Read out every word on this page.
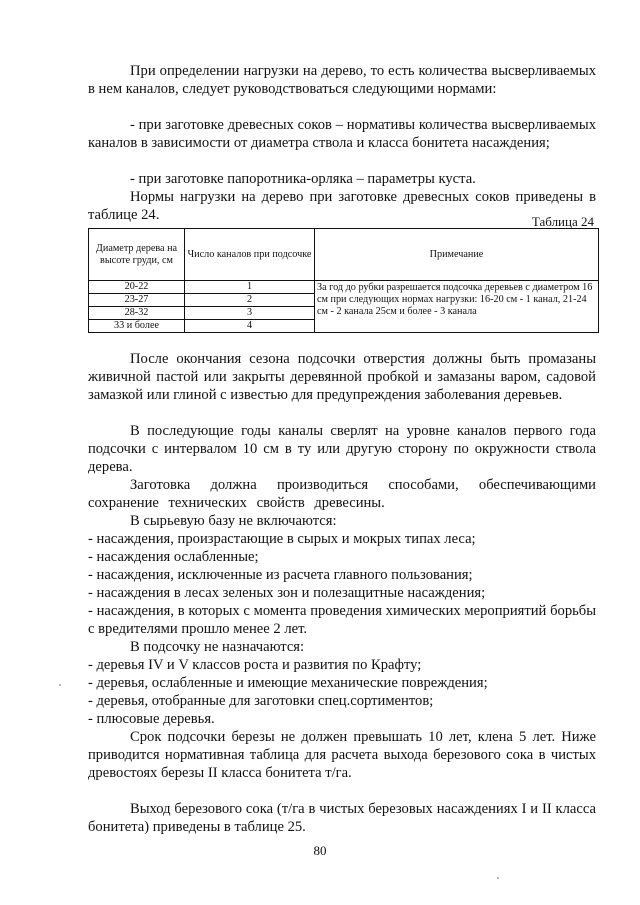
При определении нагрузки на дерево, то есть количества высверливаемых в нем каналов, следует руководствоваться следующими нормами:
- при заготовке древесных соков – нормативы количества высверливаемых каналов в зависимости от диаметра ствола и класса бонитета насаждения;
- при заготовке папоротника-орляка – параметры куста.
Нормы нагрузки на дерево при заготовке древесных соков приведены в таблице 24.	Таблица 24
Диаметр дерева на высоте груди, см	Число каналов при подсочке	Примечание
20-22	1	За год до рубки разрешается подсочка деревьев с диаметром 16 см при следующих нормах нагрузки: 16-20 см - 1 канал, 21-24 см - 2 канала 25см и более - 3 канала
23-27	2	
28-32	3	
33 и более	4	
После окончания сезона подсочки отверстия должны быть промазаны живичной пастой или закрыты деревянной пробкой и замазаны варом, садовой замазкой или глиной с известью для предупреждения заболевания деревьев.
В последующие годы каналы сверлят на уровне каналов первого года подсочки с интервалом 10 см в ту или другую сторону по окружности ствола дерева.
Заготовка должна производиться способами, обеспечивающими сохранение технических свойств древесины.
В сырьевую базу не включаются:
- насаждения, произрастающие в сырых и мокрых типах леса;
- насаждения ослабленные;
- насаждения, исключенные из расчета главного пользования;
- насаждения в лесах зеленых зон и полезащитные насаждения;
- насаждения, в которых с момента проведения химических мероприятий борьбы с вредителями прошло менее 2 лет.
В подсочку не назначаются:
- деревья IV и V классов роста и развития по Крафту;
- деревья, ослабленные и имеющие механические повреждения;
- деревья, отобранные для заготовки спец.сортиментов;
- плюсовые деревья.
Срок подсочки березы не должен превышать 10 лет, клена 5 лет. Ниже приводится нормативная таблица для расчета выхода березового сока в чистых древостоях березы II класса бонитета т/га.
Выход березового сока (т/га в чистых березовых насаждениях I и II класса бонитета) приведены в таблице 25.
80
